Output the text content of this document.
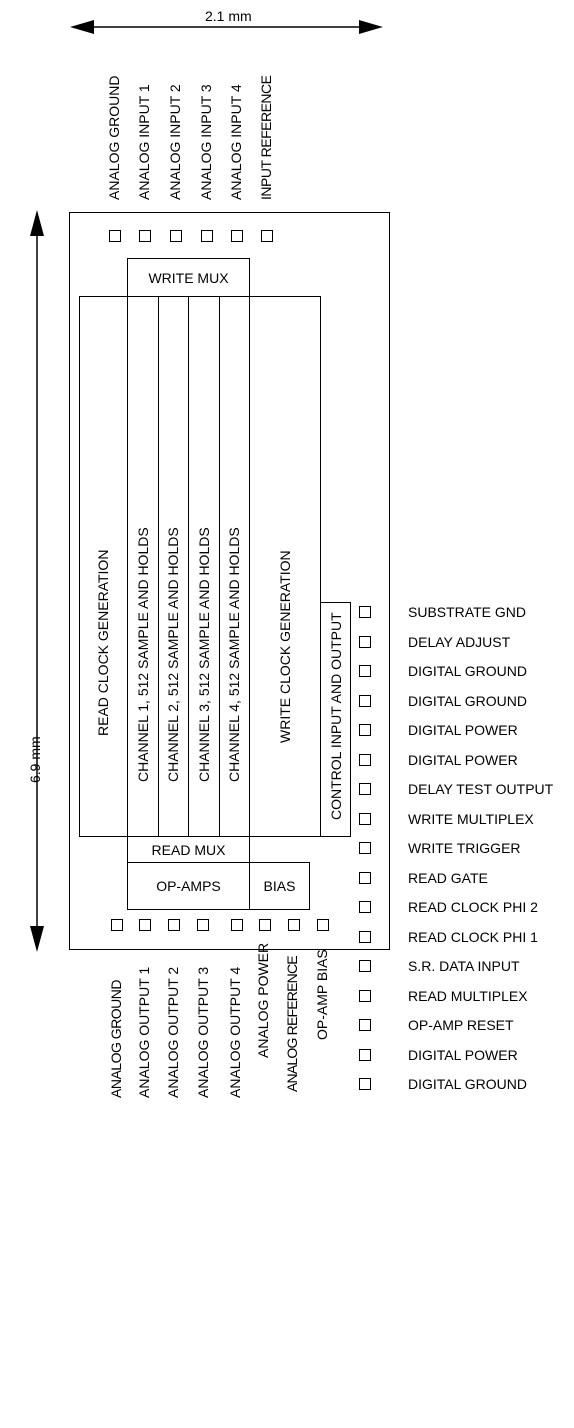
2.1 mm
6.9 mm
ANALOG GROUND ANALOG INPUT 1 ANALOG INPUT 2 ANALOG INPUT 3 ANALOG INPUT 4 INPUT REFERENCE
WRITE MUX
READ CLOCK GENERATION CHANNEL 1, 512 SAMPLE AND HOLDS CHANNEL 2, 512 SAMPLE AND HOLDS CHANNEL 3, 512 SAMPLE AND HOLDS CHANNEL 4, 512 SAMPLE AND HOLDS	WRITE CLOCK GENERATION	CONTROL INPUT AND OUTPUT
READ MUX
OP-AMPS	BIAS
ANALOG GROUND ANALOG OUTPUT 1 ANALOG OUTPUT 2 ANALOG OUTPUT 3 ANALOG OUTPUT 4 ANALOG POWER ANALOG REFERENCE OP-AMP BIAS
SUBSTRATE GND
DELAY ADJUST
DIGITAL GROUND
DIGITAL GROUND
DIGITAL POWER
DIGITAL POWER
DELAY TEST OUTPUT
WRITE MULTIPLEX
WRITE TRIGGER
READ GATE
READ CLOCK PHI 2
READ CLOCK PHI 1
S.R. DATA INPUT
READ MULTIPLEX
OP-AMP RESET
DIGITAL POWER
DIGITAL GROUND
